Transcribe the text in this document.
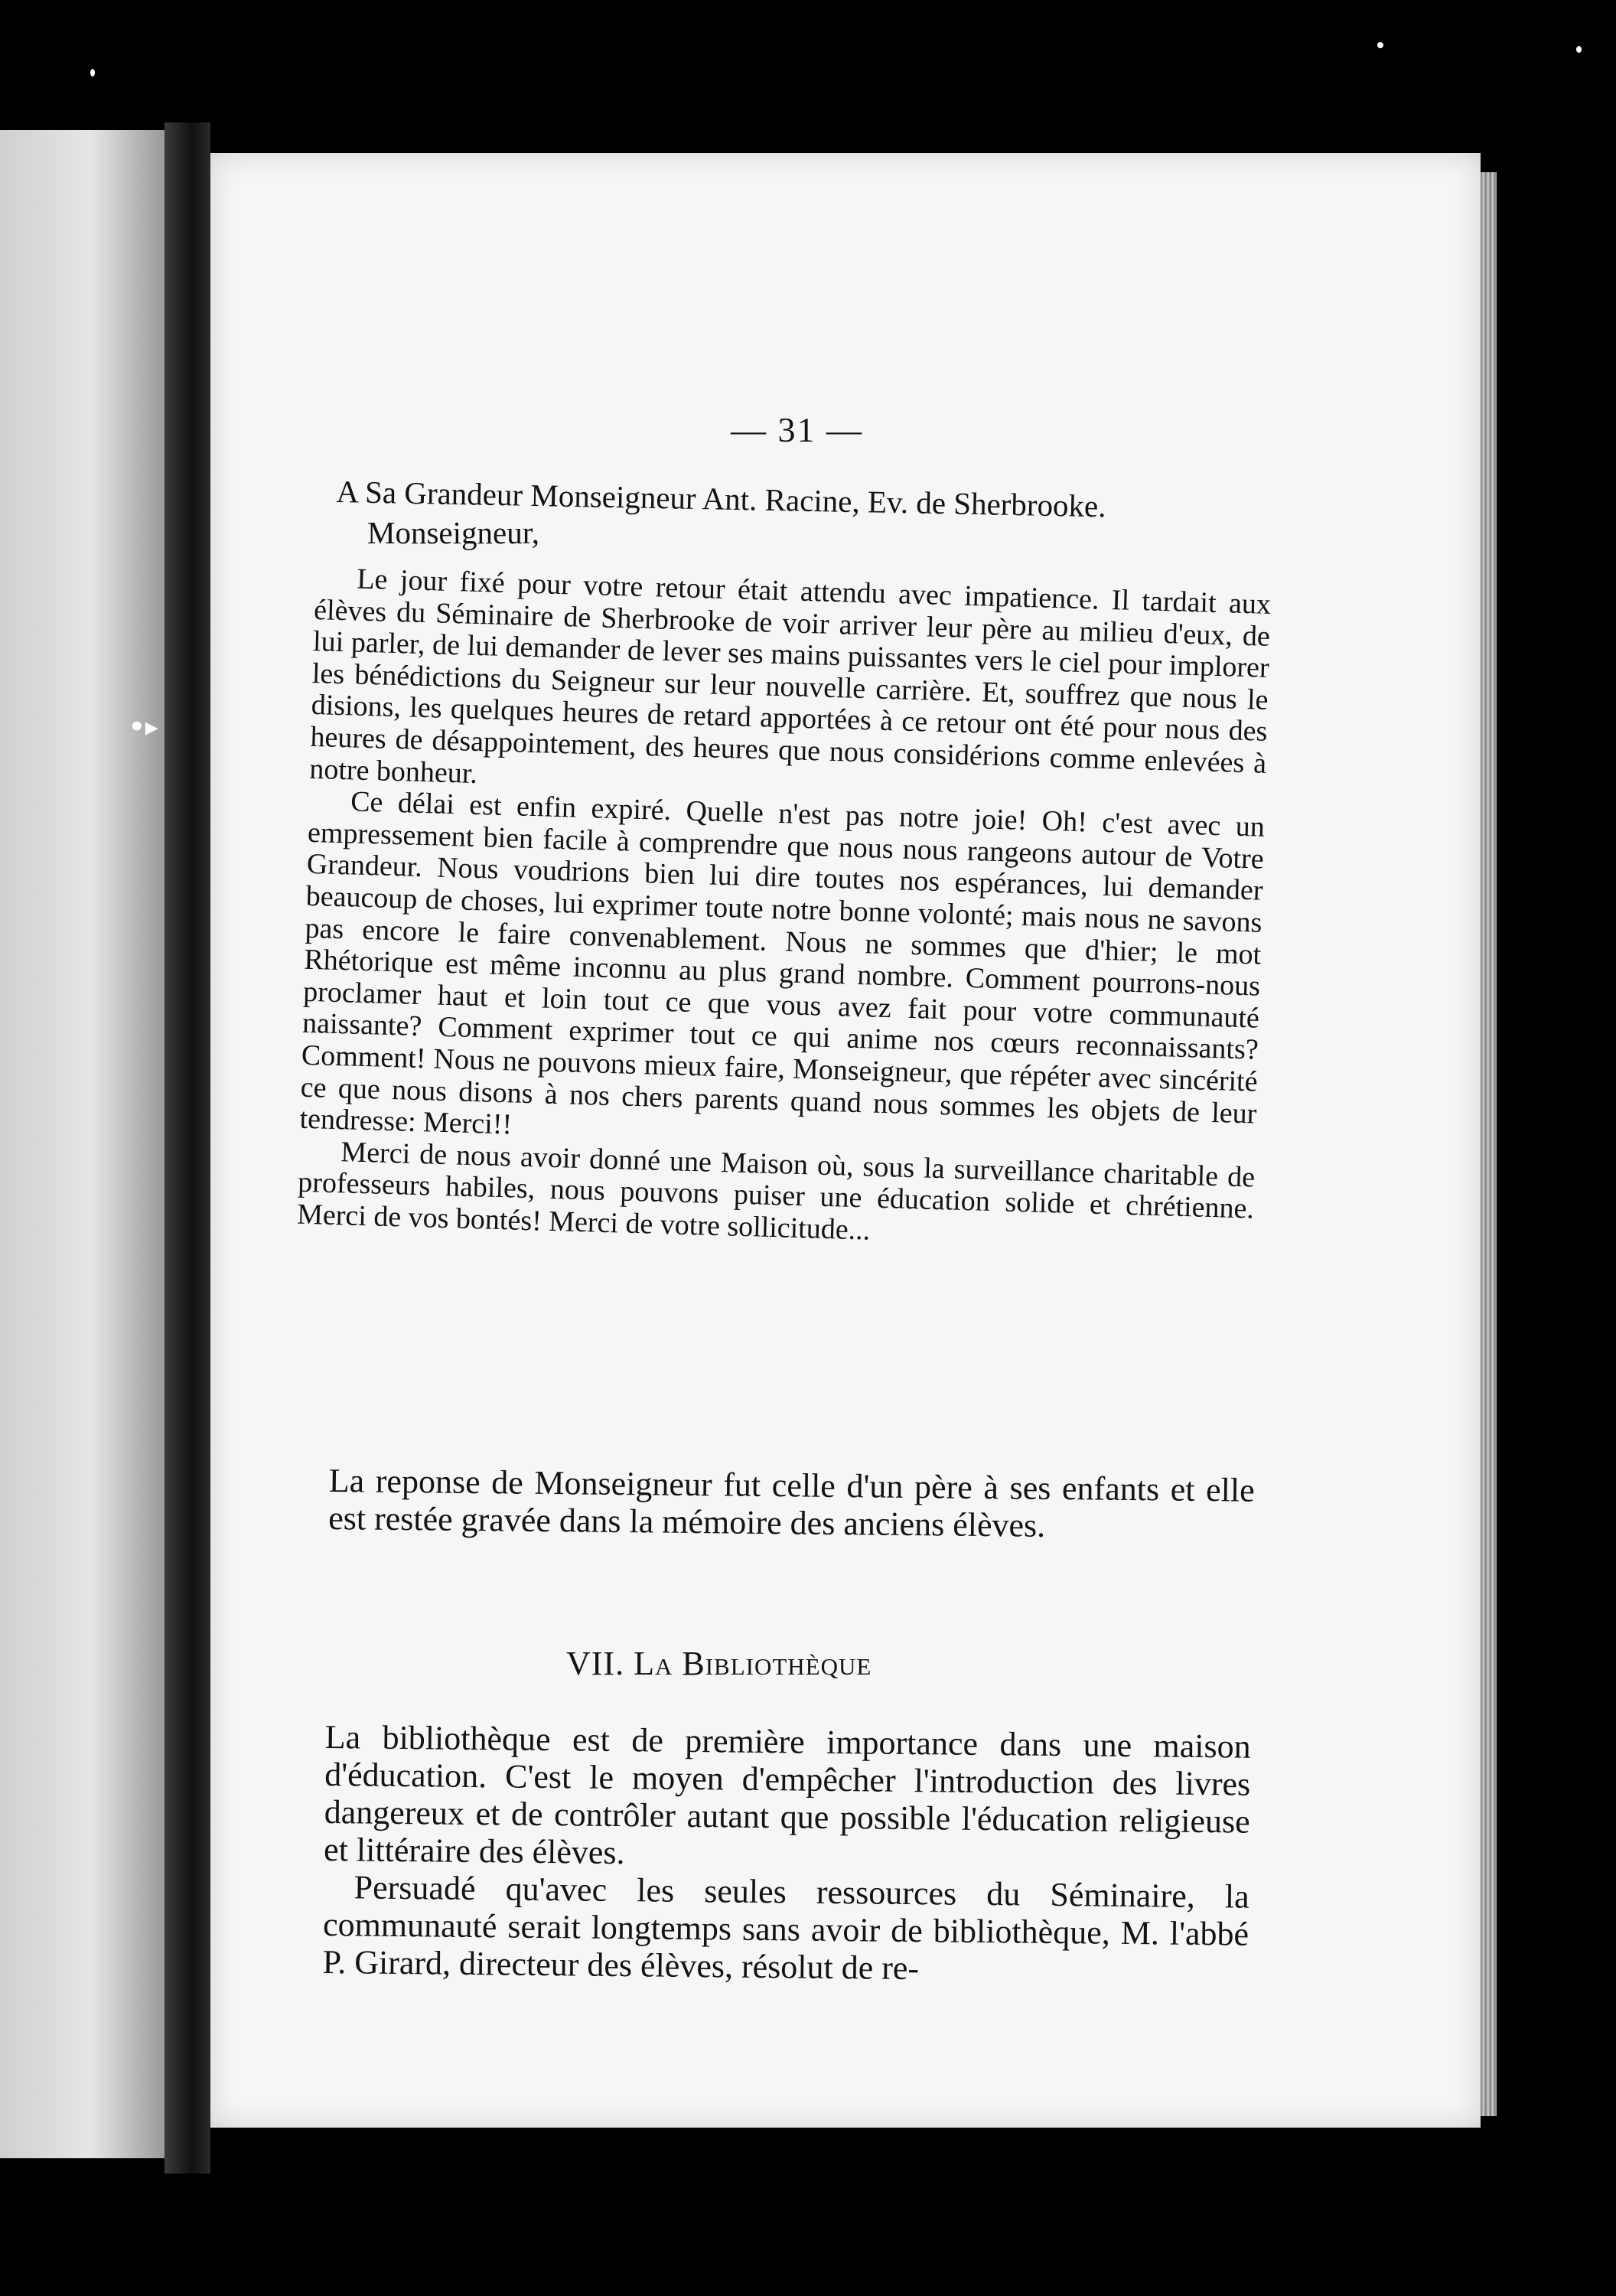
•▸
— 31 —
A Sa Grandeur Monseigneur Ant. Racine, Ev. de Sherbrooke.
Monseigneur,

Le jour fixé pour votre retour était attendu avec impatience. Il tardait aux élèves du Séminaire de Sherbrooke de voir arriver leur père au milieu d'eux, de lui parler, de lui demander de lever ses mains puissantes vers le ciel pour implorer les bénédictions du Seigneur sur leur nouvelle carrière. Et, souffrez que nous le disions, les quelques heures de retard apportées à ce retour ont été pour nous des heures de désappointement, des heures que nous considérions comme enlevées à notre bonheur.

Ce délai est enfin expiré. Quelle n'est pas notre joie! Oh! c'est avec un empressement bien facile à comprendre que nous nous rangeons autour de Votre Grandeur. Nous voudrions bien lui dire toutes nos espérances, lui demander beaucoup de choses, lui exprimer toute notre bonne volonté; mais nous ne savons pas encore le faire convenablement. Nous ne sommes que d'hier; le mot Rhétorique est même inconnu au plus grand nombre. Comment pourrons-nous proclamer haut et loin tout ce que vous avez fait pour votre communauté naissante? Comment exprimer tout ce qui anime nos cœurs reconnaissants? Comment! Nous ne pouvons mieux faire, Monseigneur, que répéter avec sincérité ce que nous disons à nos chers parents quand nous sommes les objets de leur tendresse: Merci!!

Merci de nous avoir donné une Maison où, sous la surveillance charitable de professeurs habiles, nous pouvons puiser une éducation solide et chrétienne. Merci de vos bontés! Merci de votre sollicitude...

La reponse de Monseigneur fut celle d'un père à ses enfants et elle est restée gravée dans la mémoire des anciens élèves.

VII. La Bibliothèque

La bibliothèque est de première importance dans une maison d'éducation. C'est le moyen d'empêcher l'introduction des livres dangereux et de contrôler autant que possible l'éducation religieuse et littéraire des élèves.

Persuadé qu'avec les seules ressources du Séminaire, la communauté serait longtemps sans avoir de bibliothèque, M. l'abbé P. Girard, directeur des élèves, résolut de re-
